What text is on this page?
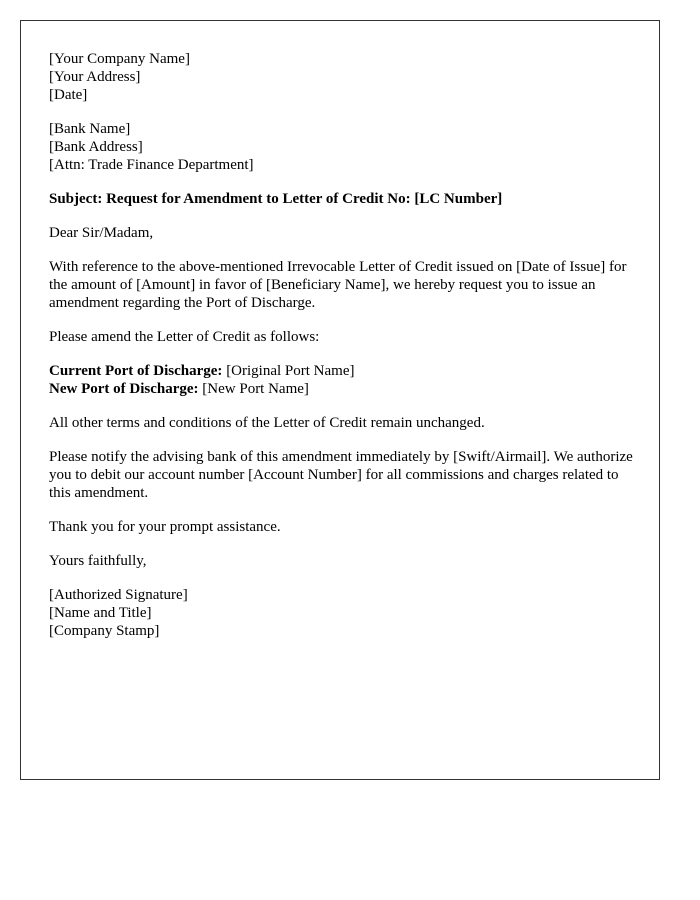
[Your Company Name]
[Your Address]
[Date]
[Bank Name]
[Bank Address]
[Attn: Trade Finance Department]

Subject: Request for Amendment to Letter of Credit No: [LC Number]

Dear Sir/Madam,

With reference to the above-mentioned Irrevocable Letter of Credit issued on [Date of Issue] for the amount of [Amount] in favor of [Beneficiary Name], we hereby request you to issue an amendment regarding the Port of Discharge.

Please amend the Letter of Credit as follows:

Current Port of Discharge: [Original Port Name]
New Port of Discharge: [New Port Name]

All other terms and conditions of the Letter of Credit remain unchanged.

Please notify the advising bank of this amendment immediately by [Swift/Airmail]. We authorize you to debit our account number [Account Number] for all commissions and charges related to this amendment.

Thank you for your prompt assistance.

Yours faithfully,

[Authorized Signature]
[Name and Title]
[Company Stamp]
